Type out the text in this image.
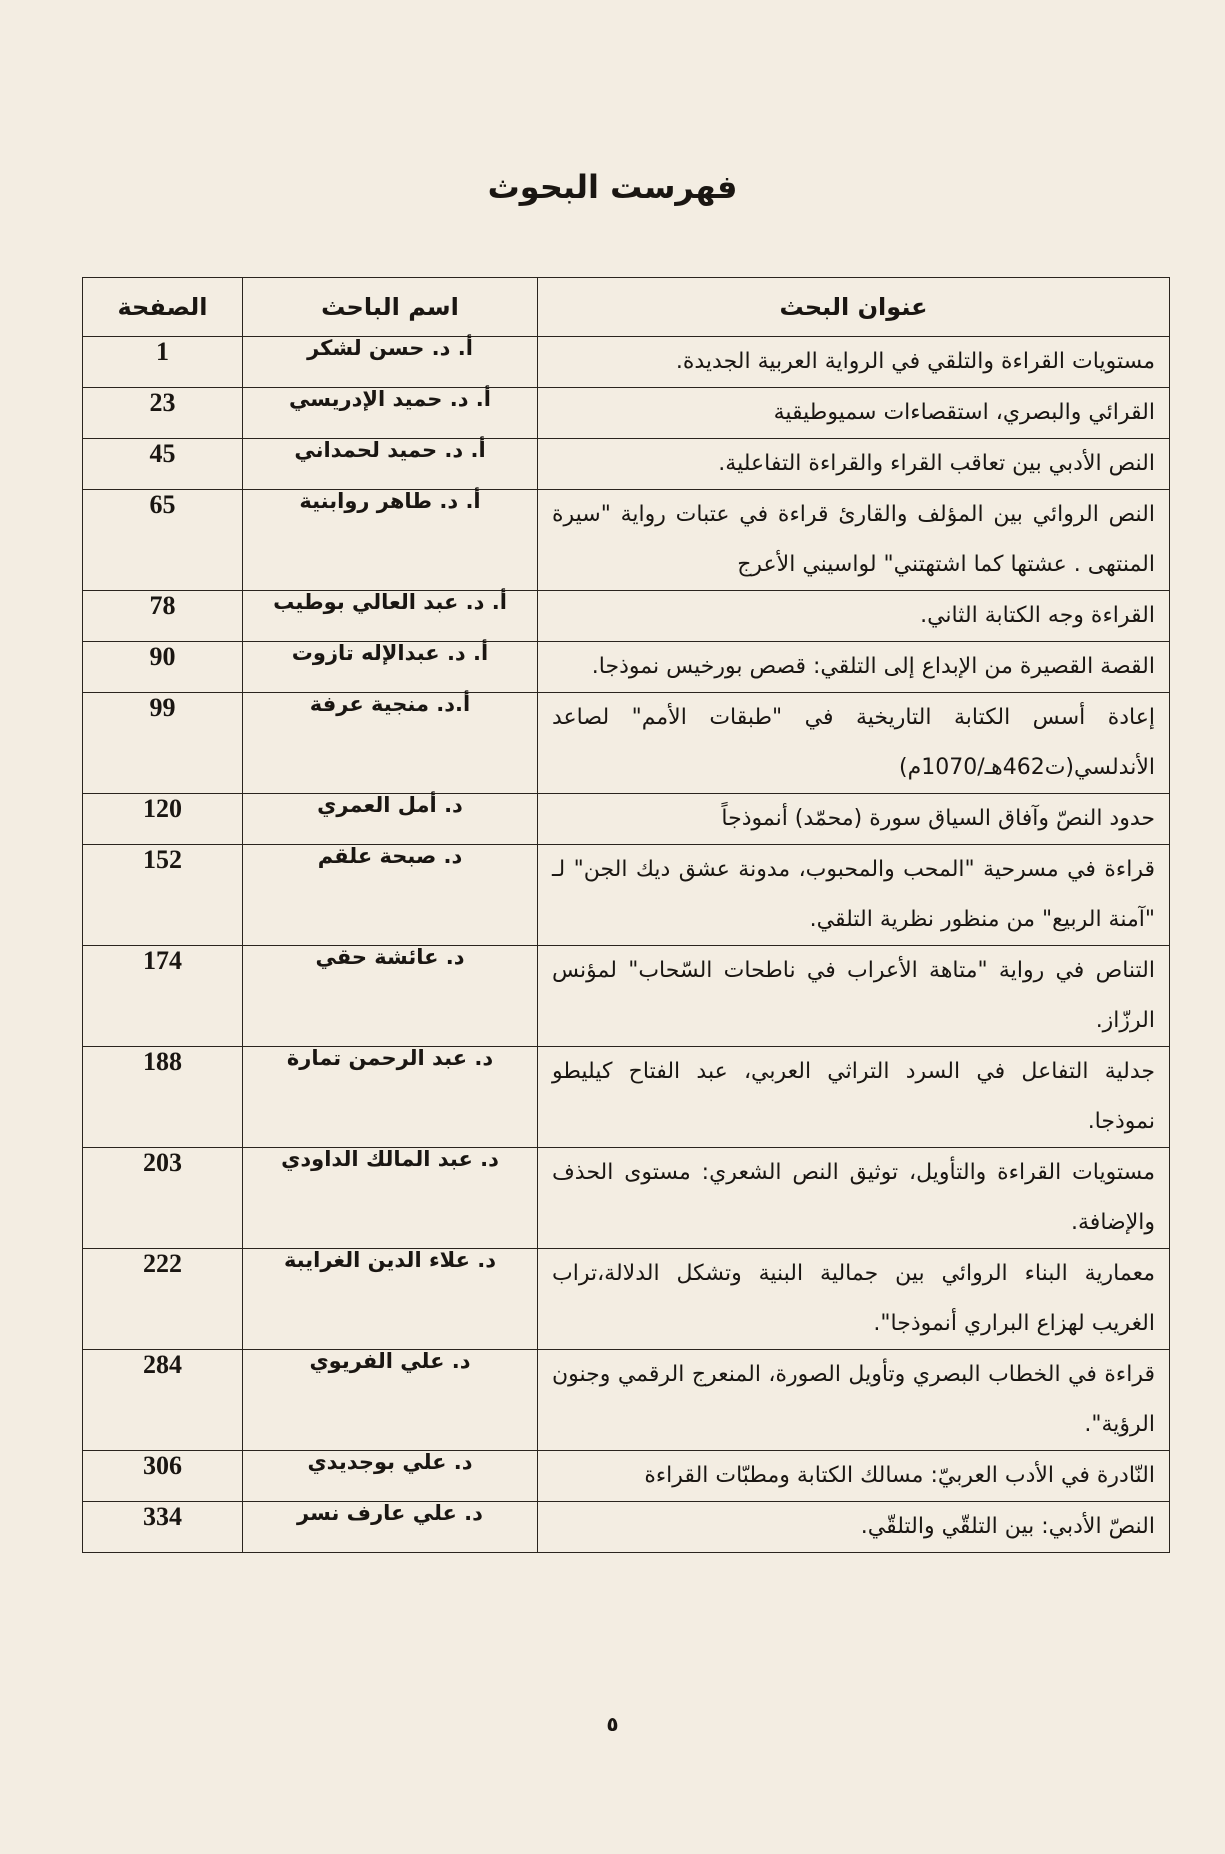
فهرست البحوث
عنوان البحث	اسم الباحث	الصفحة
مستويات القراءة والتلقي في الرواية العربية الجديدة.	أ. د. حسن لشكر	1
القرائي والبصري، استقصاءات سميوطيقية	أ. د. حميد الإدريسي	23
النص الأدبي بين تعاقب القراء والقراءة التفاعلية.	أ. د. حميد لحمداني	45
النص الروائي بين المؤلف والقارئ قراءة في عتبات رواية "سيرة المنتهى . عشتها كما اشتهتني" لواسيني الأعرج	أ. د. طاهر روابنية	65
القراءة وجه الكتابة الثاني.	أ. د. عبد العالي بوطيب	78
القصة القصيرة من الإبداع إلى التلقي: قصص بورخيس نموذجا.	أ. د. عبدالإله تازوت	90
إعادة أسس الكتابة التاريخية في "طبقات الأمم" لصاعد الأندلسي(ت462هـ/1070م)	أ.د. منجية عرفة	99
حدود النصّ وآفاق السياق سورة (محمّد) أنموذجاً	د. أمل العمري	120
قراءة في مسرحية "المحب والمحبوب، مدونة عشق ديك الجن" لـ "آمنة الربيع" من منظور نظرية التلقي.	د. صبحة علقم	152
التناص في رواية "متاهة الأعراب في ناطحات السّحاب" لمؤنس الرزّاز.	د. عائشة حقي	174
جدلية التفاعل في السرد التراثي العربي، عبد الفتاح كيليطو نموذجا.	د. عبد الرحمن تمارة	188
مستويات القراءة والتأويل، توثيق النص الشعري: مستوى الحذف والإضافة.	د. عبد المالك الداودي	203
معمارية البناء الروائي بين جمالية البنية وتشكل الدلالة،تراب الغريب لهزاع البراري أنموذجا".	د. علاء الدين الغرايبة	222
قراءة في الخطاب البصري وتأويل الصورة، المنعرج الرقمي وجنون الرؤية".	د. علي الفريوي	284
النّادرة في الأدب العربيّ: مسالك الكتابة ومطبّات القراءة	د. علي بوجديدي	306
النصّ الأدبي: بين التلقّي والتلقّي.	د. علي عارف نسر	334
٥
